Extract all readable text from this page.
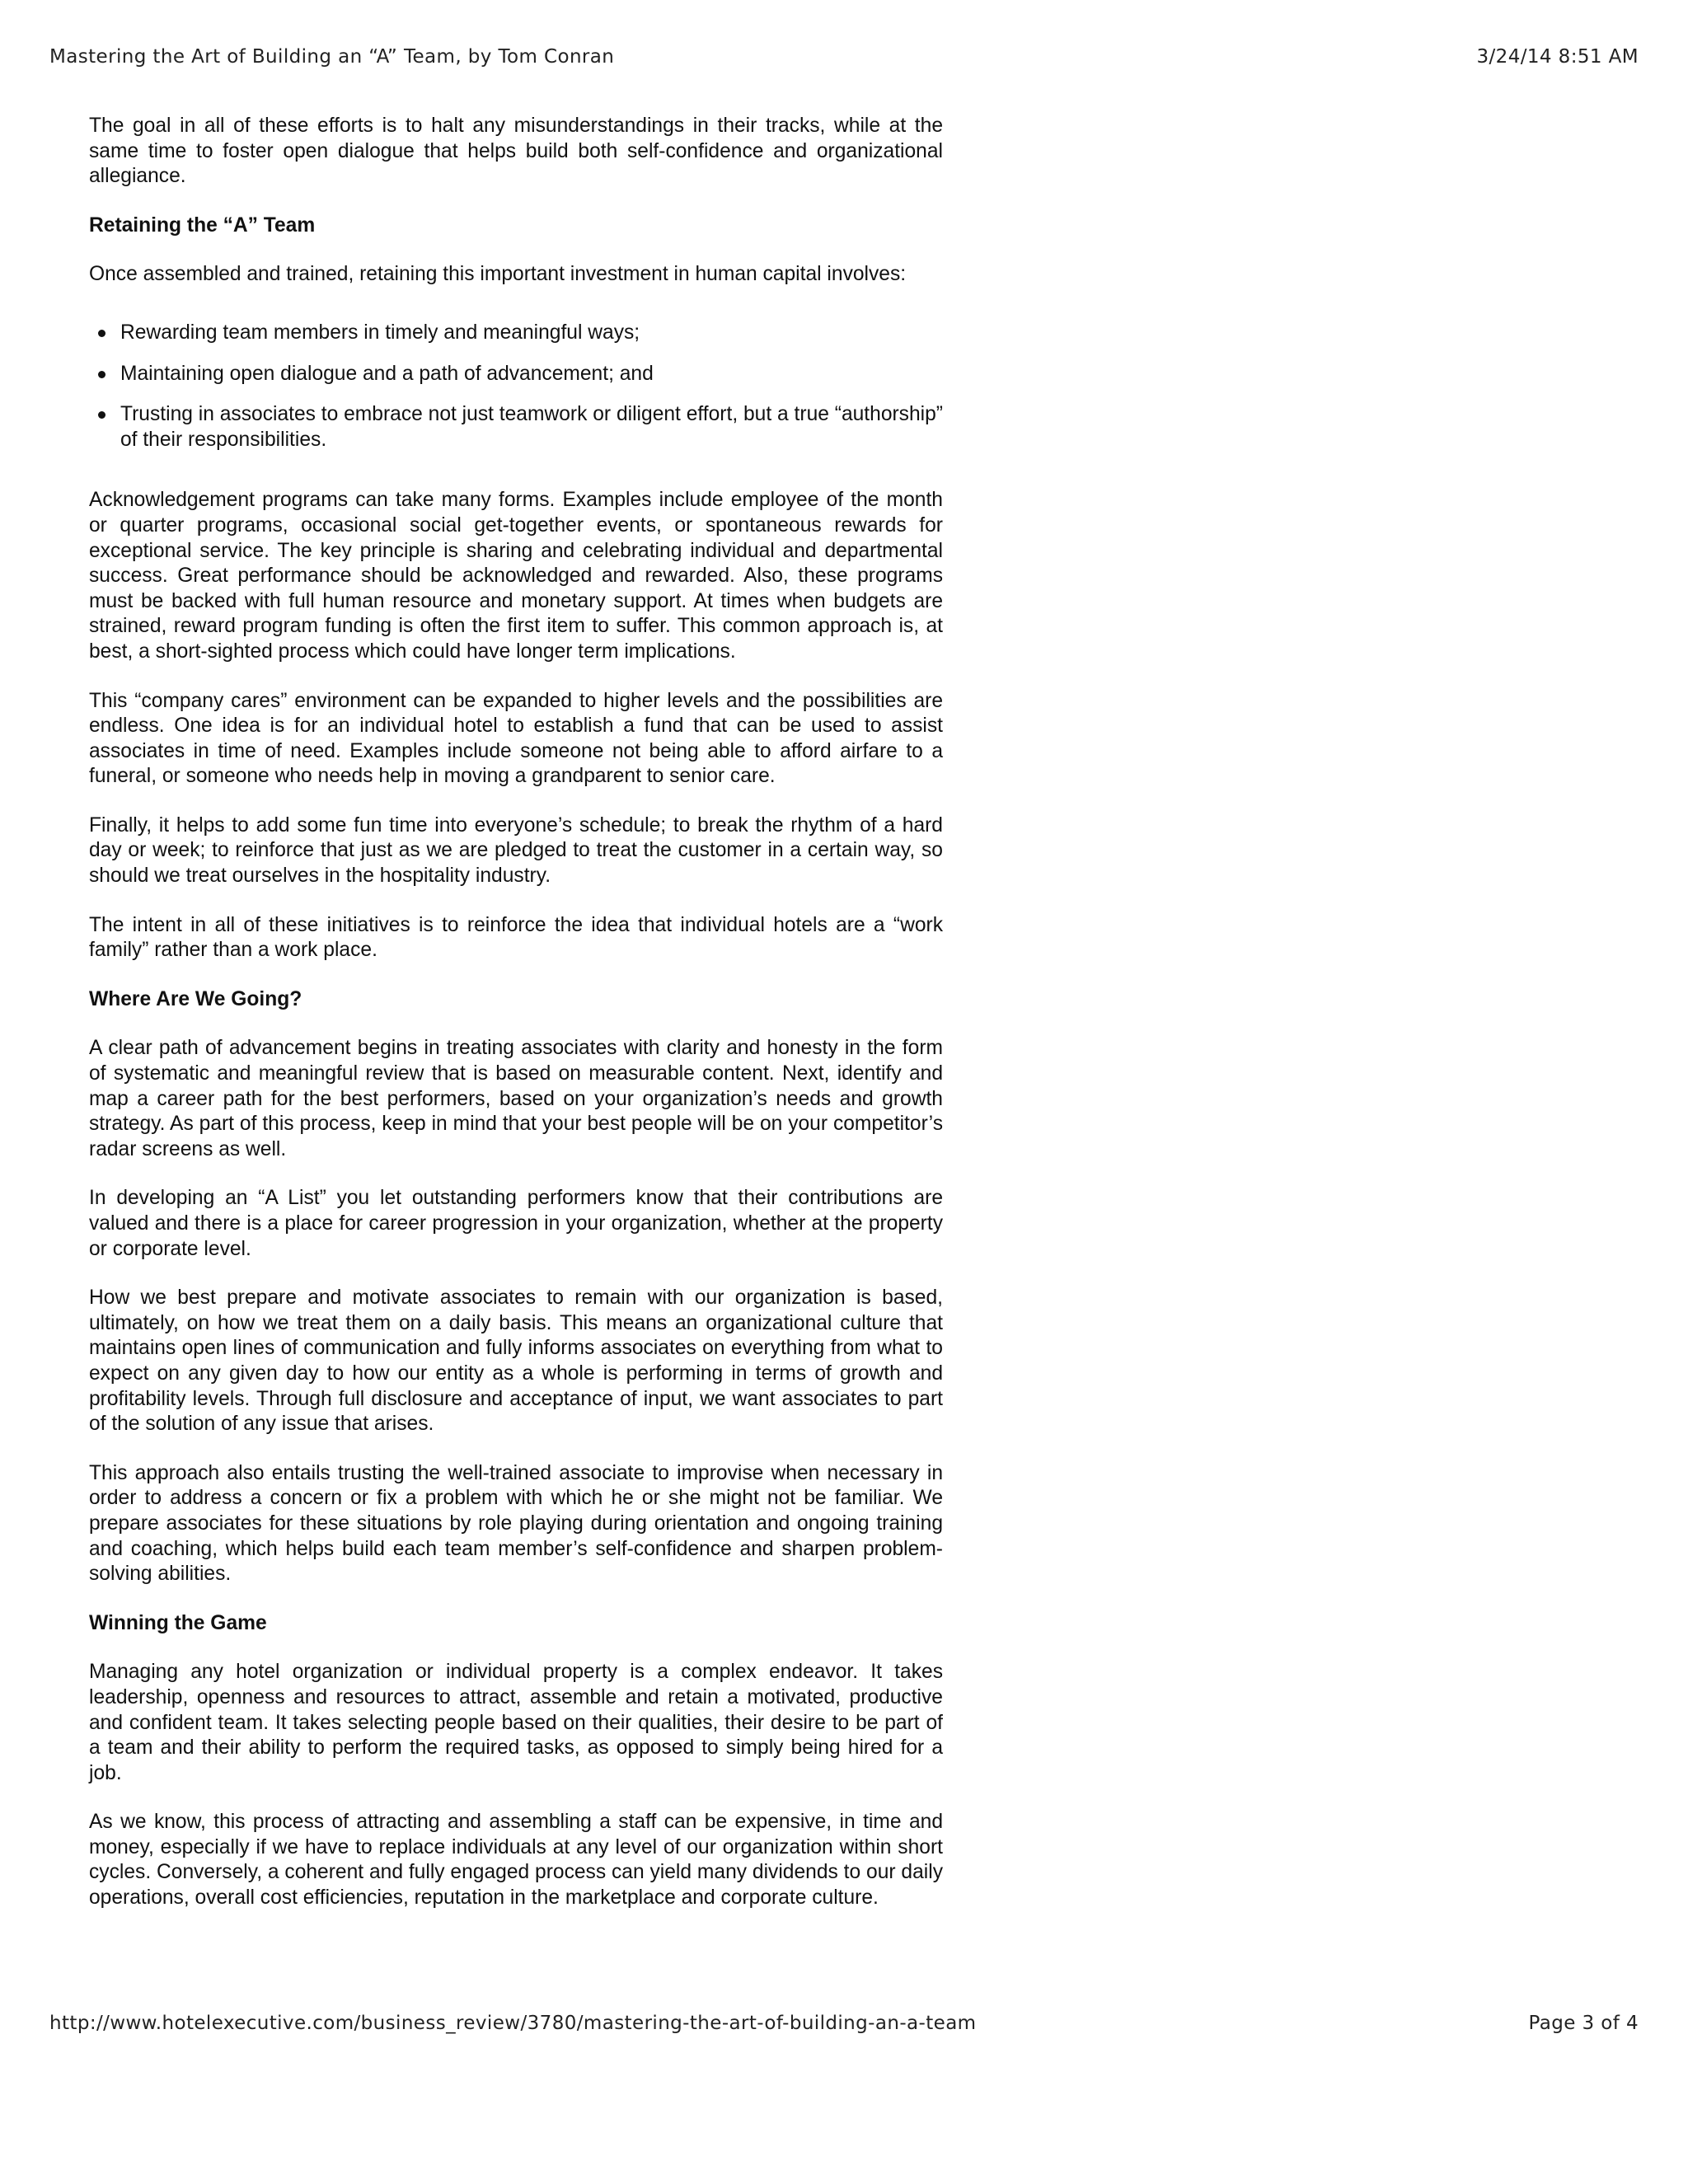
Mastering the Art of Building an “A” Team, by Tom Conran	3/24/14 8:51 AM

The goal in all of these efforts is to halt any misunderstandings in their tracks, while at the same time to foster open dialogue that helps build both self-confidence and organizational allegiance.

Retaining the “A” Team

Once assembled and trained, retaining this important investment in human capital involves:

Rewarding team members in timely and meaningful ways;
Maintaining open dialogue and a path of advancement; and
Trusting in associates to embrace not just teamwork or diligent effort, but a true “authorship” of their responsibilities.

Acknowledgement programs can take many forms. Examples include employee of the month or quarter programs, occasional social get-together events, or spontaneous rewards for exceptional service. The key principle is sharing and celebrating individual and departmental success. Great performance should be acknowledged and rewarded. Also, these programs must be backed with full human resource and monetary support. At times when budgets are strained, reward program funding is often the first item to suffer. This common approach is, at best, a short-sighted process which could have longer term implications.

This “company cares” environment can be expanded to higher levels and the possibilities are endless. One idea is for an individual hotel to establish a fund that can be used to assist associates in time of need. Examples include someone not being able to afford airfare to a funeral, or someone who needs help in moving a grandparent to senior care.

Finally, it helps to add some fun time into everyone’s schedule; to break the rhythm of a hard day or week; to reinforce that just as we are pledged to treat the customer in a certain way, so should we treat ourselves in the hospitality industry.

The intent in all of these initiatives is to reinforce the idea that individual hotels are a “work family” rather than a work place.

Where Are We Going?

A clear path of advancement begins in treating associates with clarity and honesty in the form of systematic and meaningful review that is based on measurable content. Next, identify and map a career path for the best performers, based on your organization’s needs and growth strategy. As part of this process, keep in mind that your best people will be on your competitor’s radar screens as well.

In developing an “A List” you let outstanding performers know that their contributions are valued and there is a place for career progression in your organization, whether at the property or corporate level.

How we best prepare and motivate associates to remain with our organization is based, ultimately, on how we treat them on a daily basis. This means an organizational culture that maintains open lines of communication and fully informs associates on everything from what to expect on any given day to how our entity as a whole is performing in terms of growth and profitability levels. Through full disclosure and acceptance of input, we want associates to part of the solution of any issue that arises.

This approach also entails trusting the well-trained associate to improvise when necessary in order to address a concern or fix a problem with which he or she might not be familiar. We prepare associates for these situations by role playing during orientation and ongoing training and coaching, which helps build each team member’s self-confidence and sharpen problem-solving abilities.

Winning the Game

Managing any hotel organization or individual property is a complex endeavor. It takes leadership, openness and resources to attract, assemble and retain a motivated, productive and confident team. It takes selecting people based on their qualities, their desire to be part of a team and their ability to perform the required tasks, as opposed to simply being hired for a job.

As we know, this process of attracting and assembling a staff can be expensive, in time and money, especially if we have to replace individuals at any level of our organization within short cycles. Conversely, a coherent and fully engaged process can yield many dividends to our daily operations, overall cost efficiencies, reputation in the marketplace and corporate culture.

http://www.hotelexecutive.com/business_review/3780/mastering-the-art-of-building-an-a-team	Page 3 of 4
